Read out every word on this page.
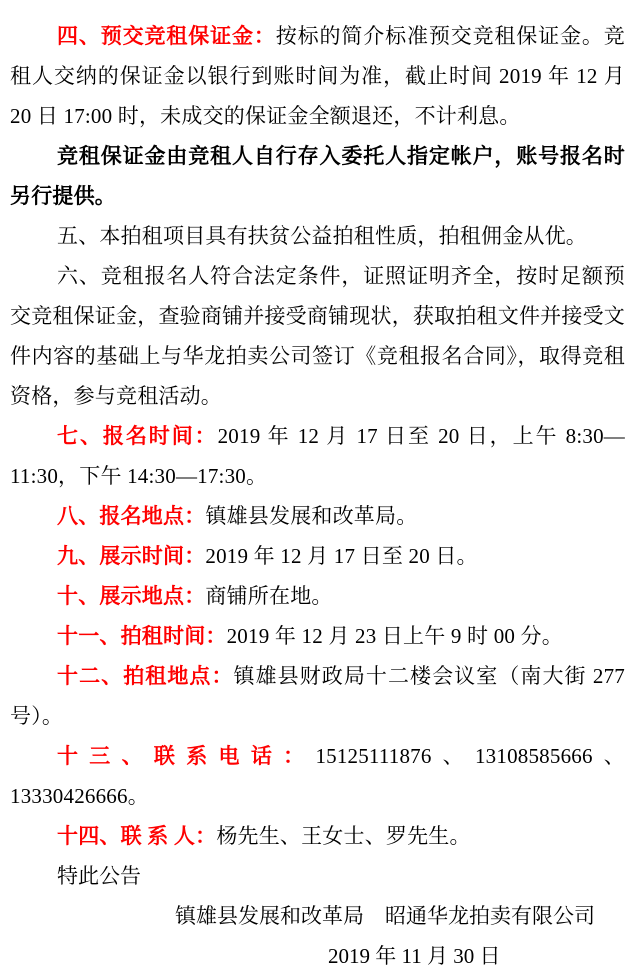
四、预交竞租保证金：按标的简介标准预交竞租保证金。竞租人交纳的保证金以银行到账时间为准，截止时间 2019 年 12 月 20 日 17:00 时，未成交的保证金全额退还，不计利息。

竞租保证金由竞租人自行存入委托人指定帐户，账号报名时另行提供。

五、本拍租项目具有扶贫公益拍租性质，拍租佣金从优。

六、竞租报名人符合法定条件，证照证明齐全，按时足额预交竞租保证金，查验商铺并接受商铺现状，获取拍租文件并接受文件内容的基础上与华龙拍卖公司签订《竞租报名合同》，取得竞租资格，参与竞租活动。

七、报名时间：2019 年 12 月 17 日至 20 日，上午 8:30—11:30，下午 14:30—17:30。

八、报名地点：镇雄县发展和改革局。

九、展示时间：2019 年 12 月 17 日至 20 日。

十、展示地点：商铺所在地。

十一、拍租时间：2019 年 12 月 23 日上午 9 时 00 分。

十二、拍租地点：镇雄县财政局十二楼会议室（南大街 277 号）。

十三、联系电话：15125111876、13108585666、13330426666。

十四、联 系 人：杨先生、王女士、罗先生。

特此公告

镇雄县发展和改革局　昭通华龙拍卖有限公司

2019 年 11 月 30 日
